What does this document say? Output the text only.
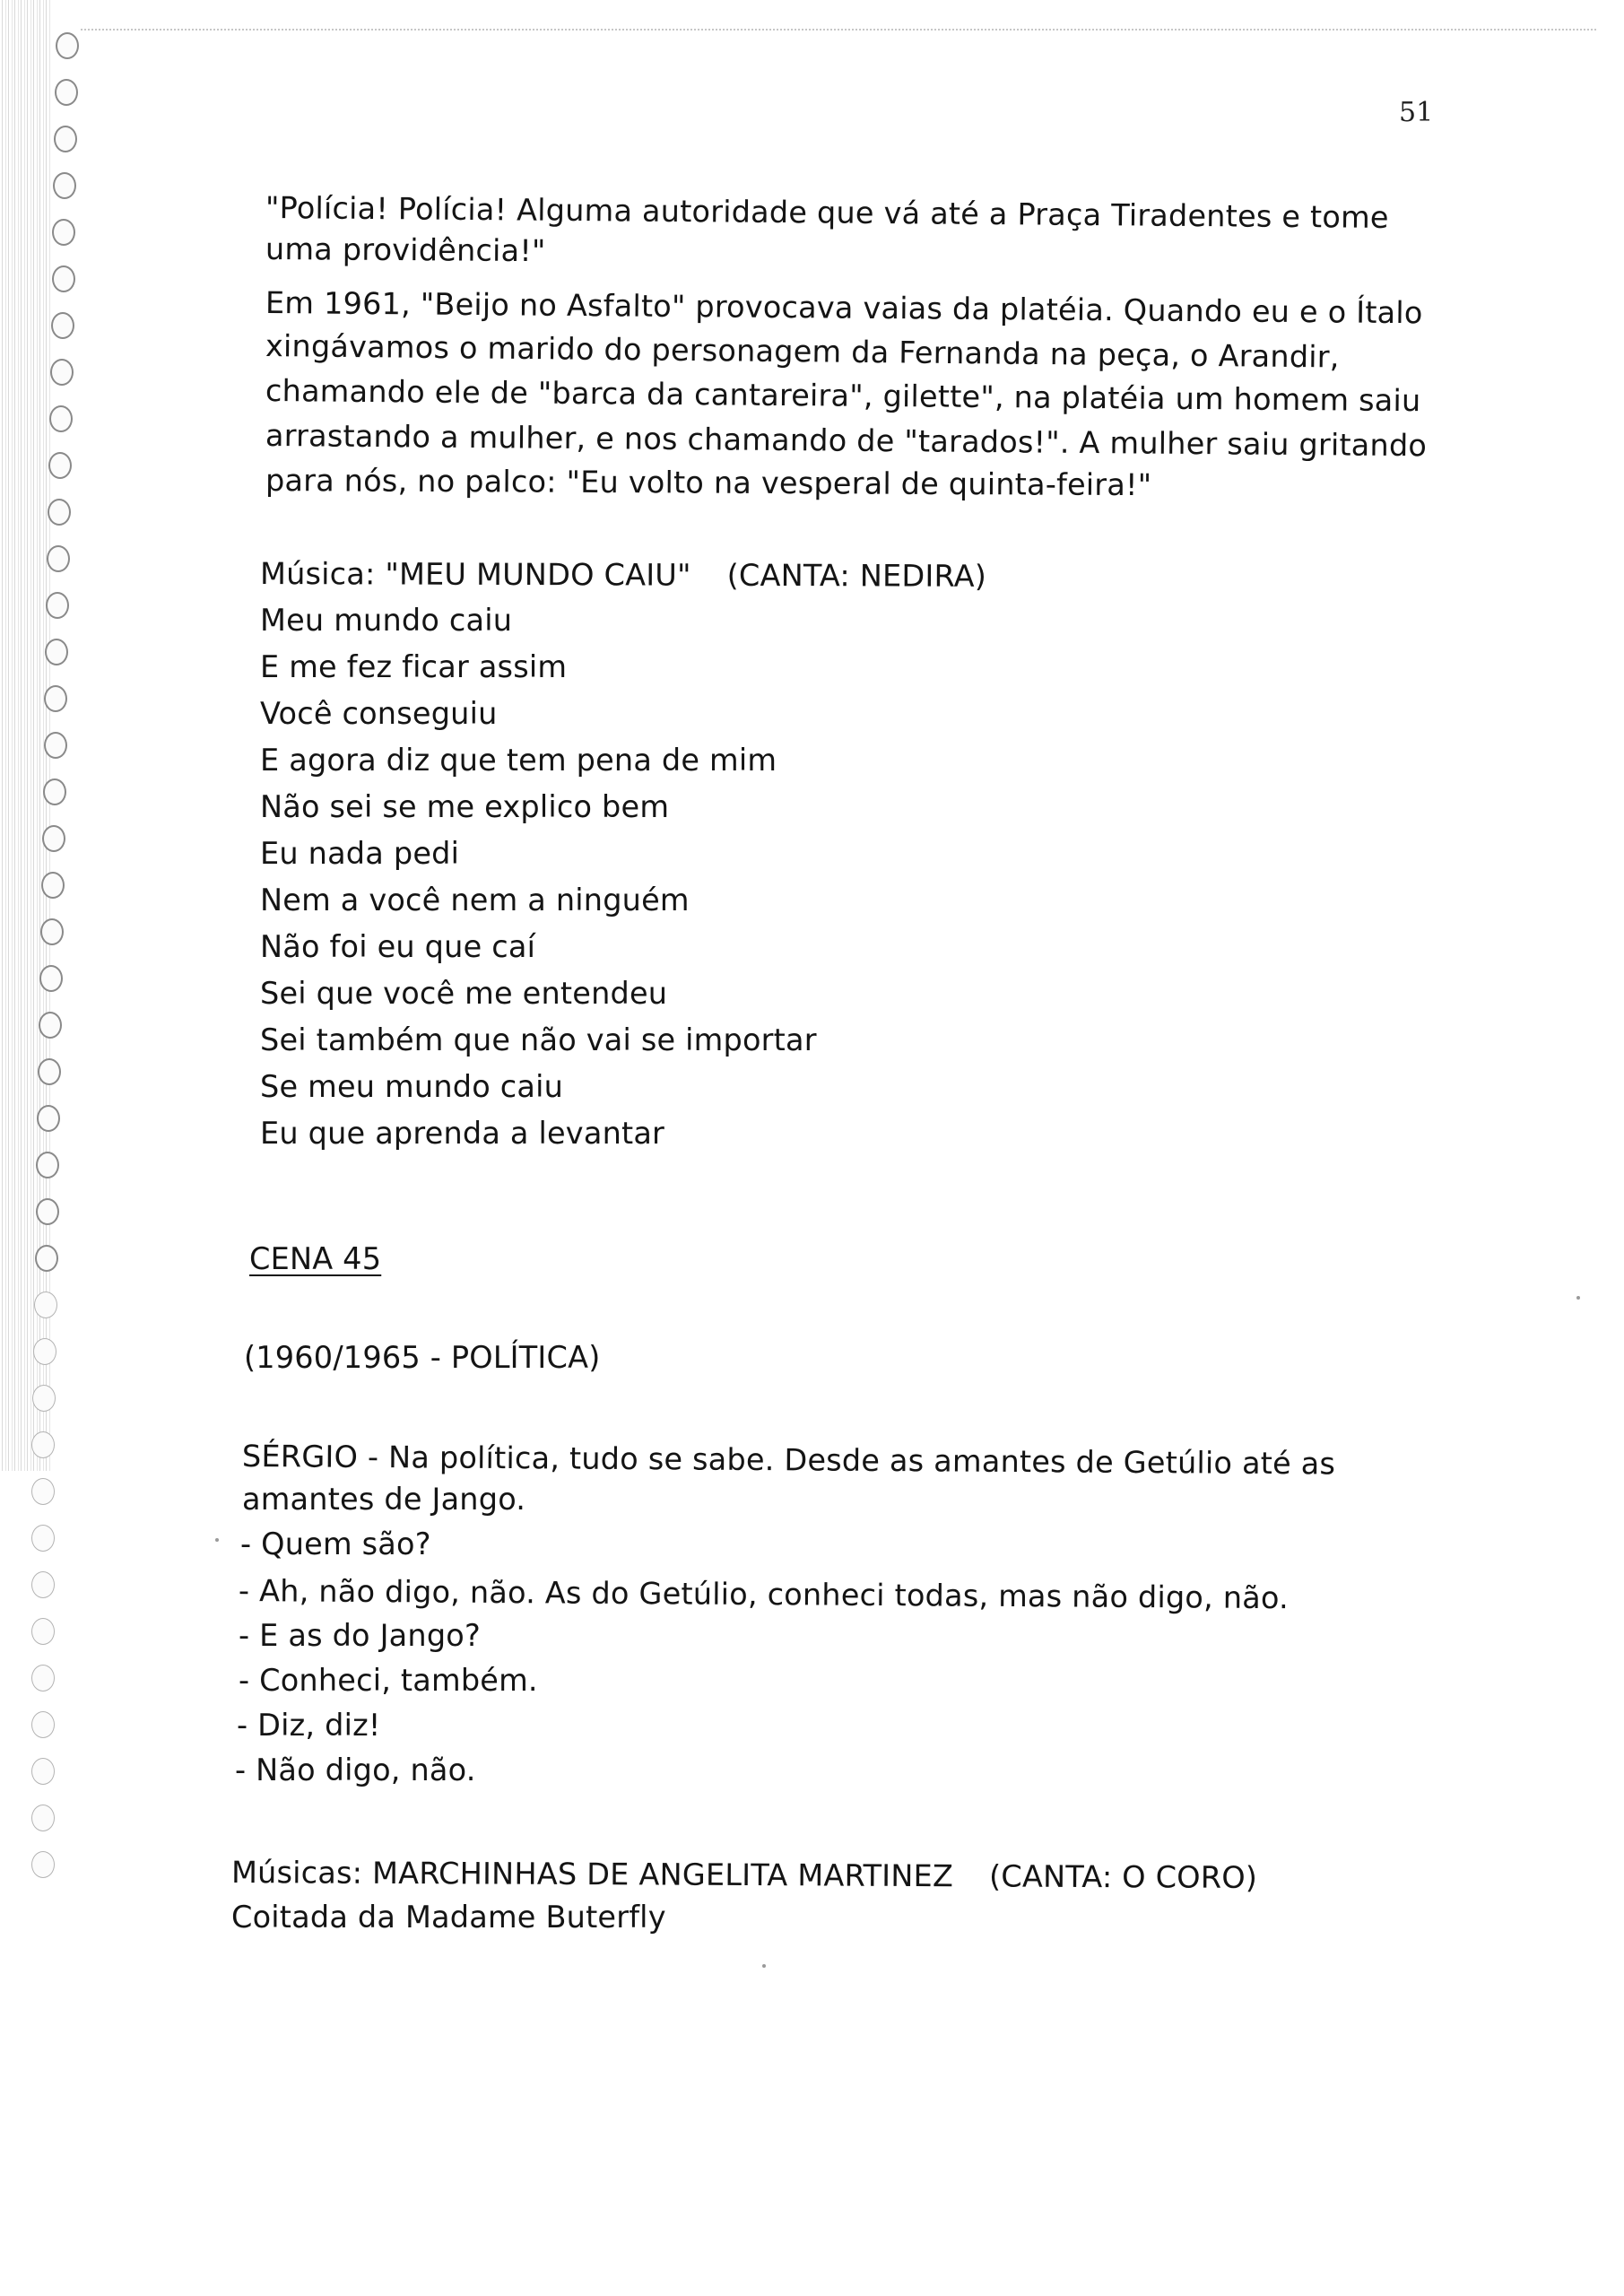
51
"Polícia! Polícia! Alguma autoridade que vá até a Praça Tiradentes e tome
uma providência!"
Em 1961, "Beijo no Asfalto" provocava vaias da platéia. Quando eu e o Ítalo
xingávamos o marido do personagem da Fernanda na peça, o Arandir,
chamando ele de "barca da cantareira", gilette", na platéia um homem saiu
arrastando a mulher, e nos chamando de "tarados!". A mulher saiu gritando
para nós, no palco: "Eu volto na vesperal de quinta-feira!"
Música: "MEU MUNDO CAIU" (CANTA: NEDIRA)
Meu mundo caiu
E me fez ficar assim
Você conseguiu
E agora diz que tem pena de mim
Não sei se me explico bem
Eu nada pedi
Nem a você nem a ninguém
Não foi eu que caí
Sei que você me entendeu
Sei também que não vai se importar
Se meu mundo caiu
Eu que aprenda a levantar
CENA 45
(1960/1965 - POLÍTICA)
SÉRGIO - Na política, tudo se sabe. Desde as amantes de Getúlio até as
amantes de Jango.
- Quem são?
- Ah, não digo, não. As do Getúlio, conheci todas, mas não digo, não.
- E as do Jango?
- Conheci, também.
- Diz, diz!
- Não digo, não.
Músicas: MARCHINHAS DE ANGELITA MARTINEZ (CANTA: O CORO)
Coitada da Madame Buterfly
